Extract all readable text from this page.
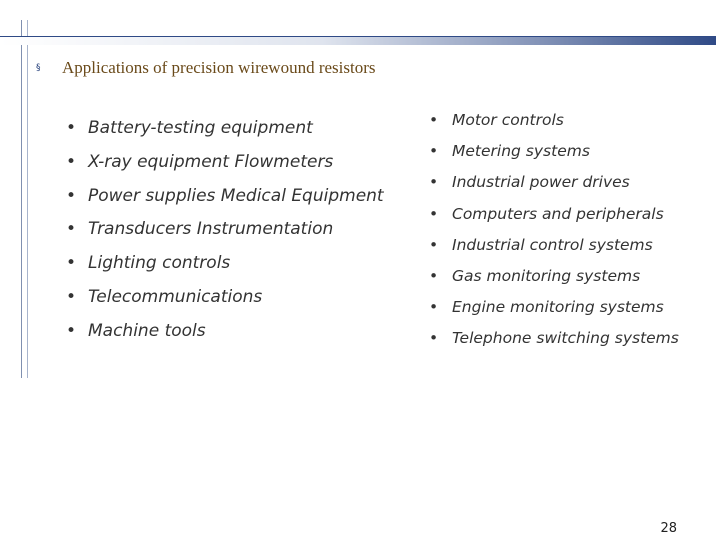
§	Applications of precision wirewound resistors
• Battery-testing equipment
• X-ray equipment Flowmeters
• Power supplies Medical Equipment
• Transducers Instrumentation
• Lighting controls
• Telecommunications
• Machine tools
• Motor controls
• Metering systems
• Industrial power drives
• Computers and peripherals
• Industrial control systems
• Gas monitoring systems
• Engine monitoring systems
• Telephone switching systems
28
